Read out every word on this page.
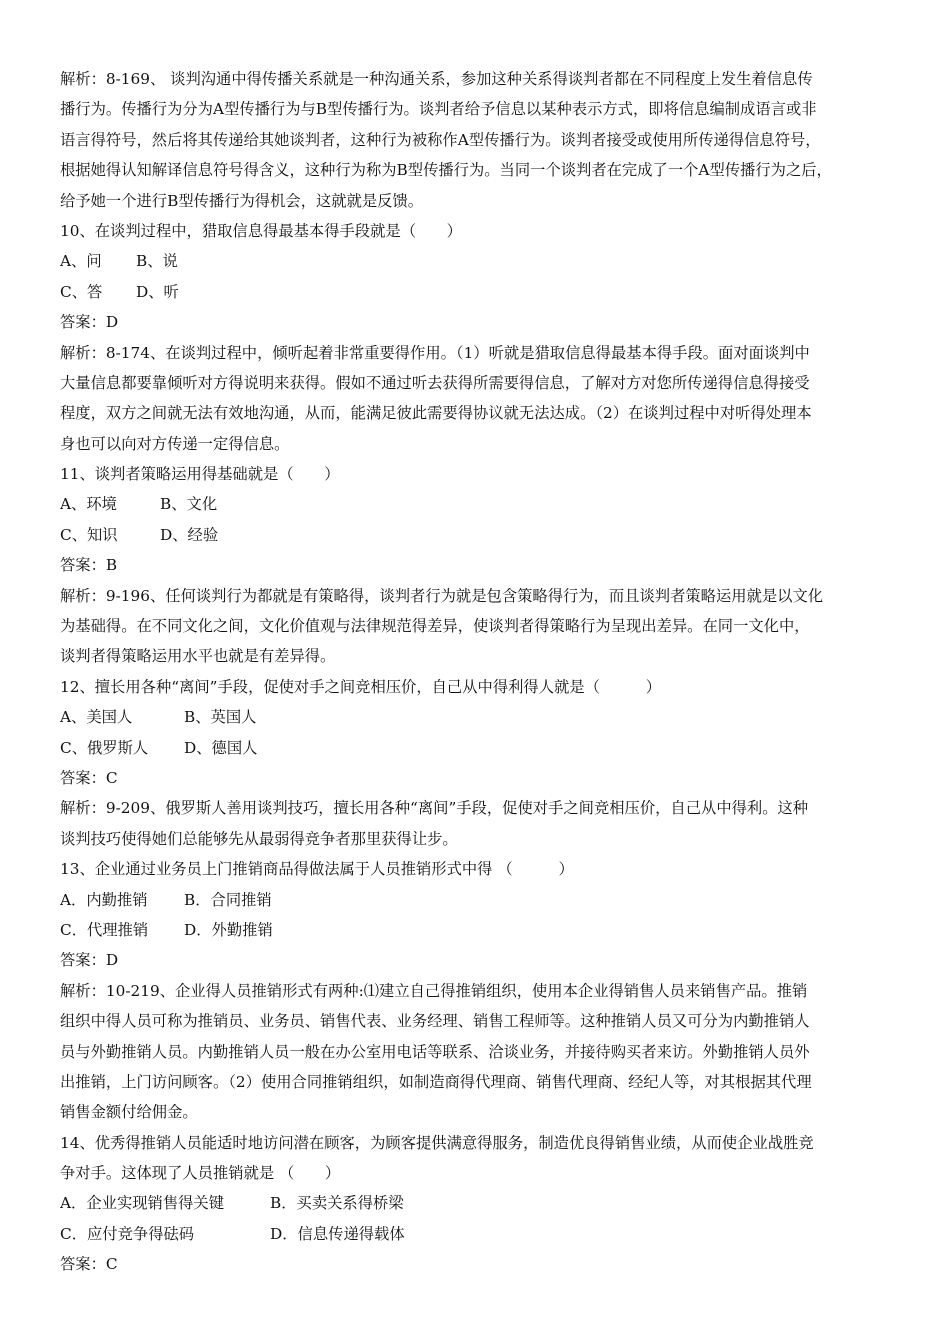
解析：8-169、 谈判沟通中得传播关系就是一种沟通关系，参加这种关系得谈判者都在不同程度上发生着信息传
播行为。传播行为分为A型传播行为与B型传播行为。谈判者给予信息以某种表示方式，即将信息编制成语言或非
语言得符号，然后将其传递给其她谈判者，这种行为被称作A型传播行为。谈判者接受或使用所传递得信息符号，
根据她得认知解译信息符号得含义，这种行为称为B型传播行为。当同一个谈判者在完成了一个A型传播行为之后，
给予她一个进行B型传播行为得机会，这就就是反馈。
10、在谈判过程中，猎取信息得最基本得手段就是（　　）
A、问 B、说
C、答 D、听
答案：D
解析：8-174、在谈判过程中，倾听起着非常重要得作用。（1）听就是猎取信息得最基本得手段。面对面谈判中
大量信息都要靠倾听对方得说明来获得。假如不通过听去获得所需要得信息，了解对方对您所传递得信息得接受
程度，双方之间就无法有效地沟通，从而，能满足彼此需要得协议就无法达成。（2）在谈判过程中对听得处理本
身也可以向对方传递一定得信息。
11、谈判者策略运用得基础就是（　　）
A、环境	B、文化
C、知识	D、经验
答案：B
解析：9-196、任何谈判行为都就是有策略得，谈判者行为就是包含策略得行为，而且谈判者策略运用就是以文化
为基础得。在不同文化之间，文化价值观与法律规范得差异，使谈判者得策略行为呈现出差异。在同一文化中，
谈判者得策略运用水平也就是有差异得。
12、擅长用各种“离间”手段，促使对手之间竞相压价，自己从中得利得人就是（　　　）
A、美国人	B、英国人
C、俄罗斯人 D、德国人
答案：C
解析：9-209、俄罗斯人善用谈判技巧，擅长用各种“离间”手段，促使对手之间竞相压价，自己从中得利。这种
谈判技巧使得她们总能够先从最弱得竞争者那里获得让步。
13、企业通过业务员上门推销商品得做法属于人员推销形式中得 （　　　）
A．内勤推销 B．合同推销
C．代理推销 D．外勤推销
答案：D
解析：10-219、企业得人员推销形式有两种:⑴建立自己得推销组织，使用本企业得销售人员来销售产品。推销
组织中得人员可称为推销员、业务员、销售代表、业务经理、销售工程师等。这种推销人员又可分为内勤推销人
员与外勤推销人员。内勤推销人员一般在办公室用电话等联系、洽谈业务，并接待购买者来访。外勤推销人员外
出推销，上门访问顾客。（2）使用合同推销组织，如制造商得代理商、销售代理商、经纪人等，对其根据其代理
销售金额付给佣金。
14、优秀得推销人员能适时地访问潜在顾客，为顾客提供满意得服务，制造优良得销售业绩，从而使企业战胜竞
争对手。这体现了人员推销就是 （　　）
A．企业实现销售得关键	B．买卖关系得桥梁
C．应付竞争得砝码	D．信息传递得载体
答案：C
